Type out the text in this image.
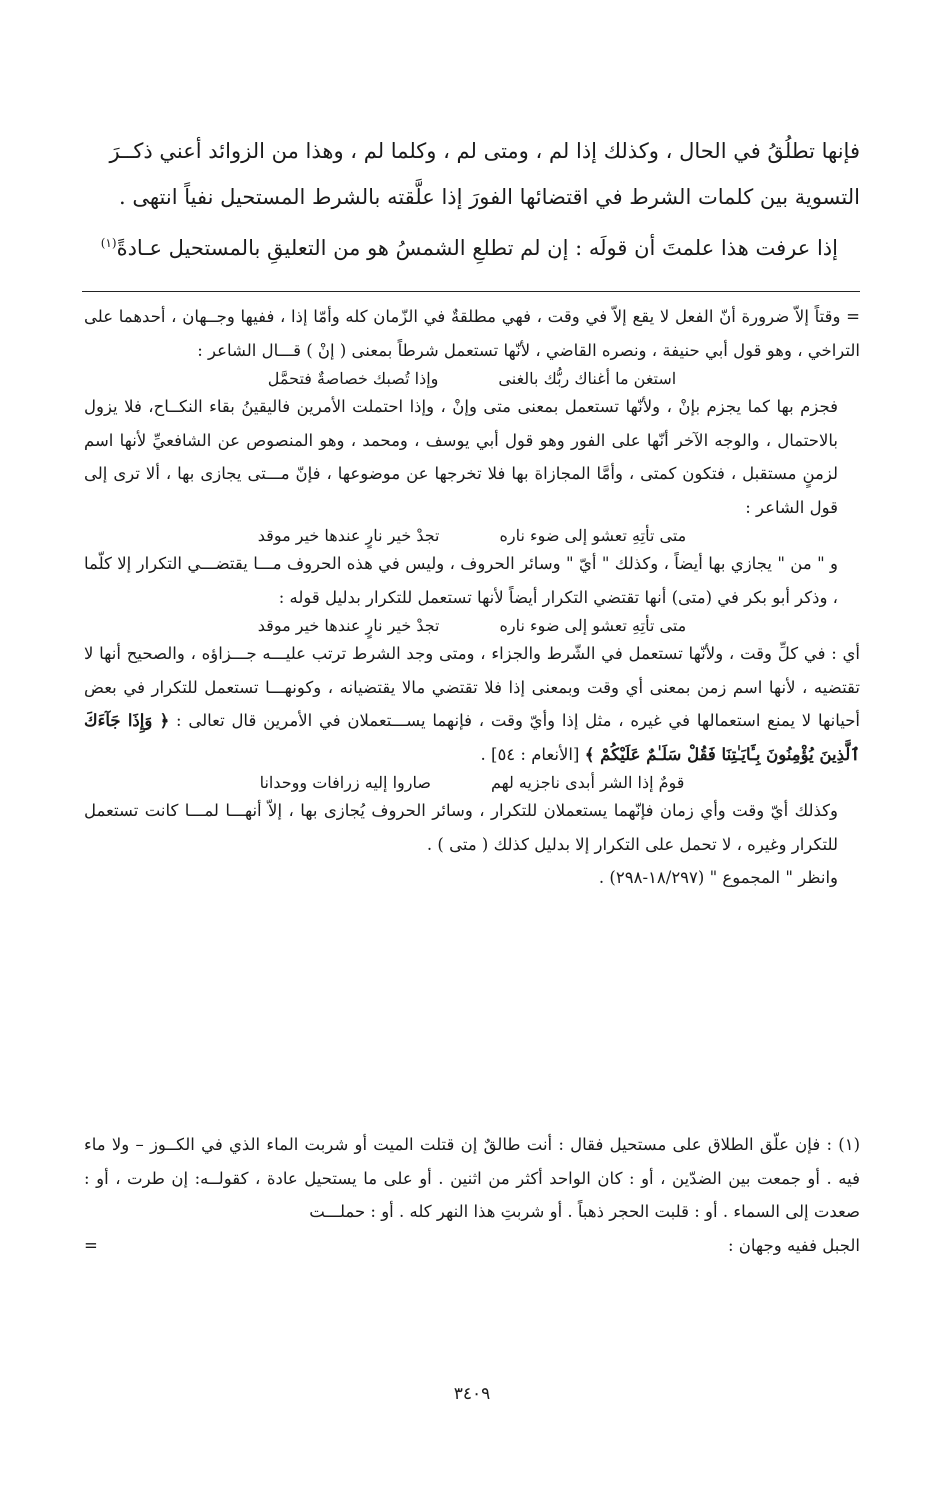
فإنها تطلُقُ في الحال ، وكذلك إذا لم ، ومتى لم ، وكلما لم ، وهذا من الزوائد أعني ذكــرَ

التسوية بين كلمات الشرط في اقتضائها الفورَ إذا علَّقته بالشرط المستحيل نفياً انتهى .

إذا عرفت هذا علمتَ أن قولَه : إن لم تطلعِ الشمسُ هو من التعليقِ بالمستحيل عـادةً$^{(١)}$

= وقتاً إلاّ ضرورة أنّ الفعل لا يقع إلاّ في وقت ، فهي مطلقةٌ في الزّمان كله وأمّا إذا ، ففيها وجــهان ، أحدهما على التراخي ، وهو قول أبي حنيفة ، ونصره القاضي ، لأنّها تستعمل شرطاً بمعنى ( إنْ ) قـــال الشاعر :

استغن ما أغناك ربُّك بالغنى
وإذا تُصبك خصاصةٌ فتحمَّل

فجزم بها كما يجزم بإنْ ، ولأنّها تستعمل بمعنى متى وإنْ ، وإذا احتملت الأمرين فاليقينُ بقاء النكــاح، فلا يزول بالاحتمال ، والوجه الآخر أنّها على الفور وهو قول أبي يوسف ، ومحمد ، وهو المنصوص عن الشافعيِّ لأنها اسم لزمنٍ مستقبل ، فتكون كمتى ، وأمَّا المجازاة بها فلا تخرجها عن موضوعها ، فإنّ مـــتى يجازى بها ، ألا ترى إلى قول الشاعر :

متى تأتِهِ تعشو إلى ضوء ناره
تجدْ خير نارٍ عندها خير موقد

و " من " يجازي بها أيضاً ، وكذلك " أيّ " وسائر الحروف ، وليس في هذه الحروف مـــا يقتضـــي التكرار إلا كلّما ، وذكر أبو بكر في (متى) أنها تقتضي التكرار أيضاً لأنها تستعمل للتكرار بدليل قوله :

متى تأتِهِ تعشو إلى ضوء ناره
تجدْ خير نارٍ عندها خير موقد

أي : في كلِّ وقت ، ولأنّها تستعمل في الشّرط والجزاء ، ومتى وجد الشرط ترتب عليـــه جـــزاؤه ، والصحيح أنها لا تقتضيه ، لأنها اسم زمن بمعنى أي وقت وبمعنى إذا فلا تقتضي مالا يقتضيانه ، وكونهـــا تستعمل للتكرار في بعض أحيانها لا يمنع استعمالها في غيره ، مثل إذا وأيّ وقت ، فإنهما يســـتعملان في الأمرين قال تعالى : ﴿ وَإِذَا جَآءَكَ ٱلَّذِينَ يُؤْمِنُونَ بِـَٔايَـٰتِنَا فَقُلْ سَلَـٰمٌ عَلَيْكُمْ ﴾ [الأنعام : ٥٤] .

قومٌ إذا الشر أبدى ناجزيه لهم
صاروا إليه زرافات ووحدانا

وكذلك أيّ وقت وأي زمان فإنّهما يستعملان للتكرار ، وسائر الحروف يُجازى بها ، إلاّ أنهـــا لمـــا كانت تستعمل للتكرار وغيره ، لا تحمل على التكرار إلا بدليل كذلك ( متى ) .

وانظر " المجموع " (١٨/٢٩٧-٢٩٨) .

(١) : فإن علّق الطلاق على مستحيل فقال : أنت طالقٌ إن قتلت الميت أو شربت الماء الذي في الكــوز – ولا ماء فيه . أو جمعت بين الضدّين ، أو : كان الواحد أكثر من اثنين . أو على ما يستحيل عادة ، كقولــه: إن طرت ، أو : صعدت إلى السماء . أو : قلبت الحجر ذهباً . أو شربتِ هذا النهر كله . أو : حملـــت

الجبل ففيه وجهان :
=

٣٤٠٩
